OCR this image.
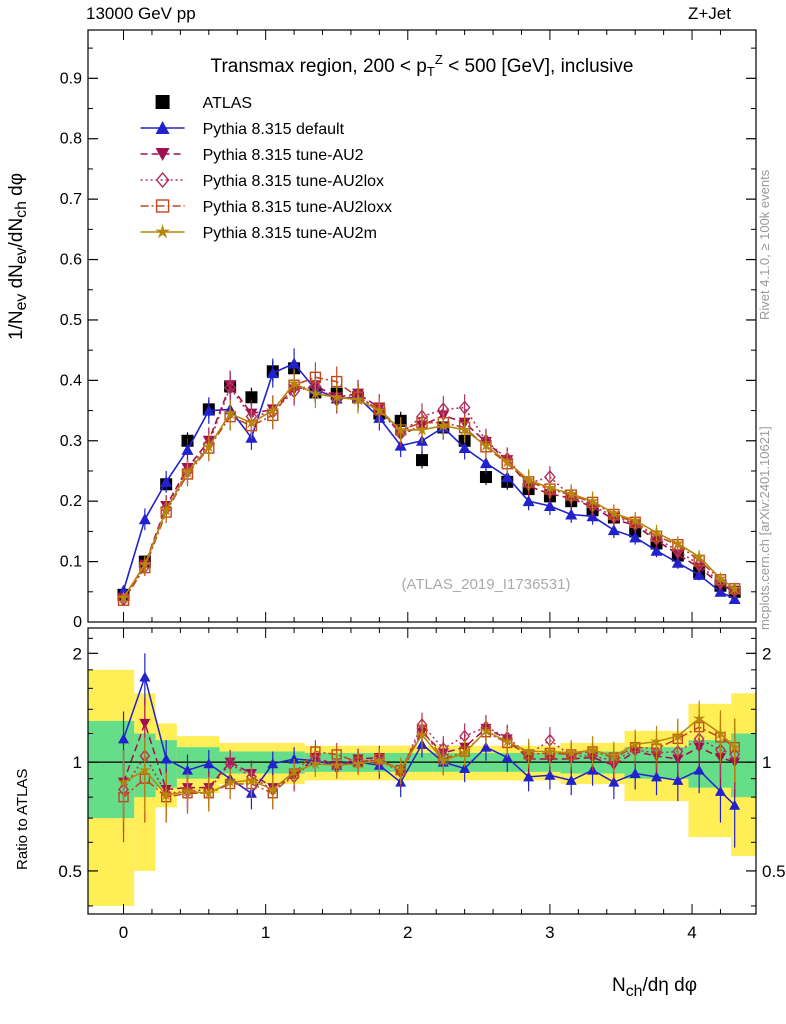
13000 GeV pp	Z+Jet
Rivet 4.1.0, ≥ 100k events
mcplots.cern.ch [arXiv:2401.10621]
$1/N_{ev}$ $dN_{ev}/dN_{ch}$ dφ
Ratio to ATLAS
$N_{ch}/d\eta$ dφ
0.1
0.2
0.3
0.4
0.5
0.6
0.7
0.8
0.9
0
Transmax region, $200 < p_T^Z < 500$ [GeV], inclusive
(ATLAS_2019_I1736531)
ATLAS
Pythia 8.315 default
Pythia 8.315 tune-AU2
Pythia 8.315 tune-AU2lox
Pythia 8.315 tune-AU2loxx
Pythia 8.315 tune-AU2m
0.5	0.5
1	1
2	2
0	1	2	3	4
